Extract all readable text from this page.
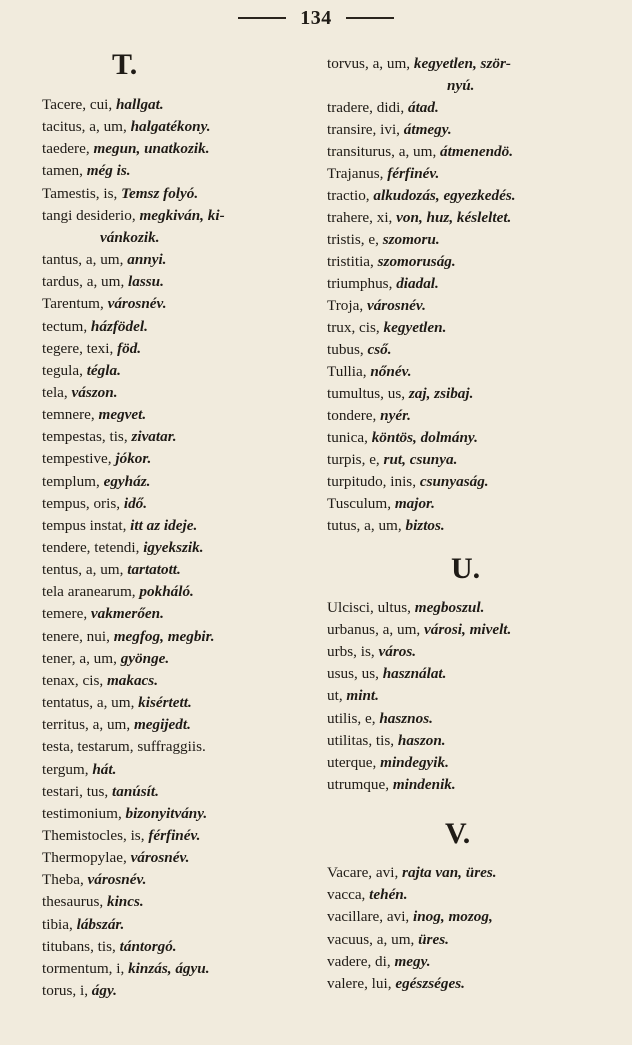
134
T.
Tacere, cui, hallgat.
tacitus, a, um, halgatékony.
taedere, megun, unatkozik.
tamen, még is.
Tamestis, is, Temsz folyó.
tangi desiderio, megkiván, ki-
vánkozik.
tantus, a, um, annyi.
tardus, a, um, lassu.
Tarentum, városnév.
tectum, házfödel.
tegere, texi, föd.
tegula, tégla.
tela, vászon.
temnere, megvet.
tempestas, tis, zivatar.
tempestive, jókor.
templum, egyház.
tempus, oris, idő.
tempus instat, itt az ideje.
tendere, tetendi, igyekszik.
tentus, a, um, tartatott.
tela aranearum, pokháló.
temere, vakmerően.
tenere, nui, megfog, megbir.
tener, a, um, gyönge.
tenax, cis, makacs.
tentatus, a, um, kisértett.
territus, a, um, megijedt.
testa, testarum, suffraggiis.
tergum, hát.
testari, tus, tanúsít.
testimonium, bizonyitvány.
Themistocles, is, férfinév.
Thermopylae, városnév.
Theba, városnév.
thesaurus, kincs.
tibia, lábszár.
titubans, tis, tántorgó.
tormentum, i, kinzás, ágyu.
torus, i, ágy.
torvus, a, um, kegyetlen, ször-
nyú.
tradere, didi, átad.
transire, ivi, átmegy.
transiturus, a, um, átmenendö.
Trajanus, férfinév.
tractio, alkudozás, egyezkedés.
trahere, xi, von, huz, késleltet.
tristis, e, szomoru.
tristitia, szomoruság.
triumphus, diadal.
Troja, városnév.
trux, cis, kegyetlen.
tubus, cső.
Tullia, nőnév.
tumultus, us, zaj, zsibaj.
tondere, nyér.
tunica, köntös, dolmány.
turpis, e, rut, csunya.
turpitudo, inis, csunyaság.
Tusculum, major.
tutus, a, um, biztos.
U.
Ulcisci, ultus, megboszul.
urbanus, a, um, városi, mivelt.
urbs, is, város.
usus, us, használat.
ut, mint.
utilis, e, hasznos.
utilitas, tis, haszon.
uterque, mindegyik.
utrumque, mindenik.
V.
Vacare, avi, rajta van, üres.
vacca, tehén.
vacillare, avi, inog, mozog,
vacuus, a, um, üres.
vadere, di, megy.
valere, lui, egészséges.
